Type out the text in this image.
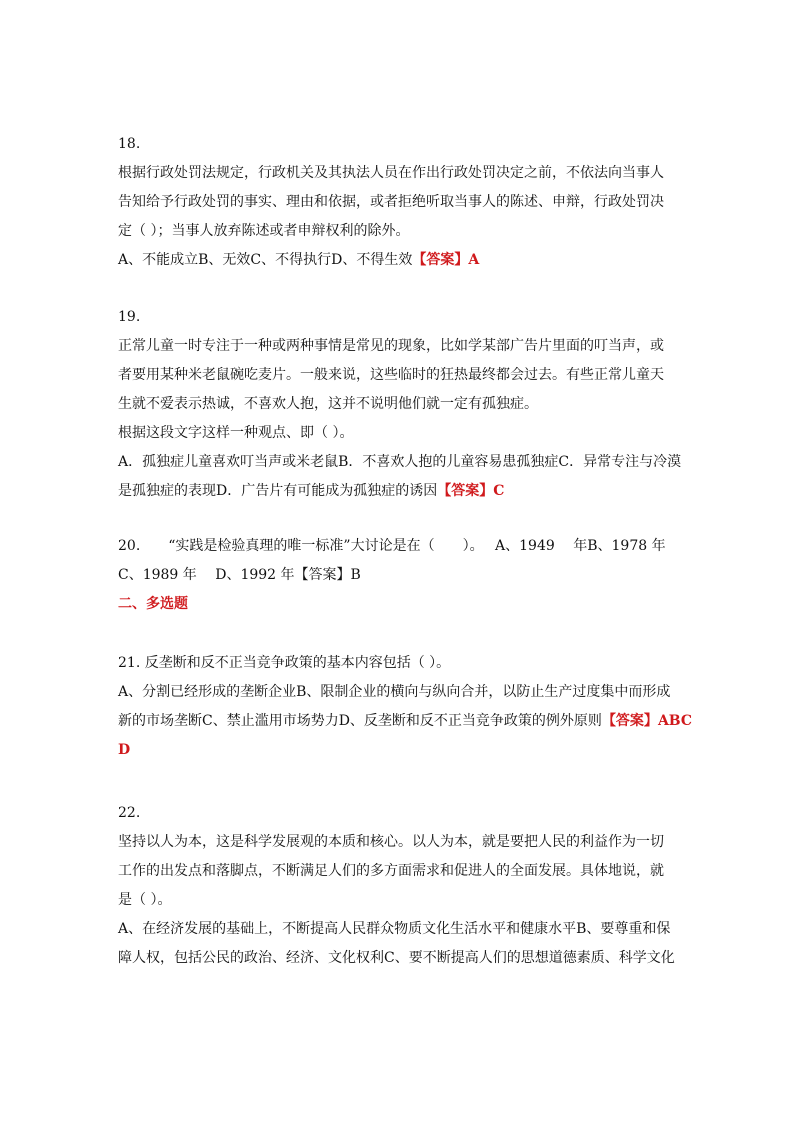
18.
根据行政处罚法规定，行政机关及其执法人员在作出行政处罚决定之前，不依法向当事人
告知给予行政处罚的事实、理由和依据，或者拒绝听取当事人的陈述、申辩，行政处罚决
定（ ）；当事人放弃陈述或者申辩权利的除外。
A、不能成立B、无效C、不得执行D、不得生效【答案】A
19.
正常儿童一时专注于一种或两种事情是常见的现象，比如学某部广告片里面的叮当声，或
者要用某种米老鼠碗吃麦片。一般来说，这些临时的狂热最终都会过去。有些正常儿童天
生就不爱表示热诚，不喜欢人抱，这并不说明他们就一定有孤独症。
根据这段文字这样一种观点、即（ ）。
A．孤独症儿童喜欢叮当声或米老鼠B．不喜欢人抱的儿童容易患孤独症C．异常专注与冷漠
是孤独症的表现D．广告片有可能成为孤独症的诱因【答案】C
20.　　“实践是检验真理的唯一标准”大讨论是在（　　）。　 A、1949　 年B、1978 年
C、1989 年　 D、1992 年【答案】B
二、多选题
21. 反垄断和反不正当竞争政策的基本内容包括（ ）。
A、分割已经形成的垄断企业B、限制企业的横向与纵向合并，以防止生产过度集中而形成
新的市场垄断C、禁止滥用市场势力D、反垄断和反不正当竞争政策的例外原则【答案】ABC
D
22.
坚持以人为本，这是科学发展观的本质和核心。以人为本，就是要把人民的利益作为一切
工作的出发点和落脚点，不断满足人们的多方面需求和促进人的全面发展。具体地说，就
是（ ）。
A、在经济发展的基础上，不断提高人民群众物质文化生活水平和健康水平B、要尊重和保
障人权，包括公民的政治、经济、文化权利C、要不断提高人们的思想道德素质、科学文化
